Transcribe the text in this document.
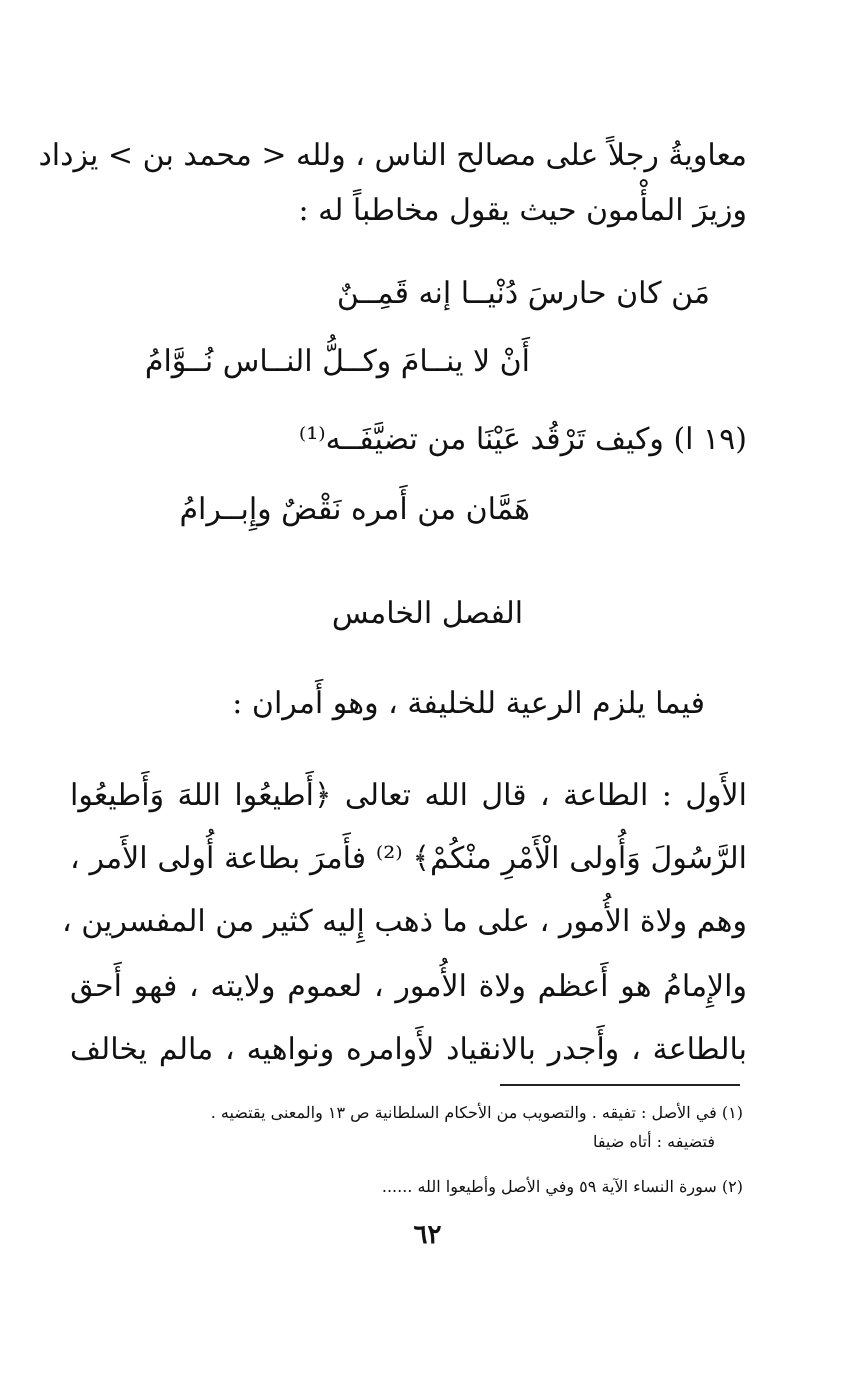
معاويةُ رجلاً على مصالح الناس ، ولله < محمد بن > يزداد
وزيرَ المأْمون حيث يقول مخاطباً له :
مَن كان حارسَ دُنْيــا إنه قَمِــنٌ
أَنْ لا ينــامَ وكــلُّ النــاس نُــوَّامُ
(١٩ ا) وكيف تَرْقُد عَيْنَا من تضيَّفَــه⁽¹⁾
هَمَّان من أَمره نَقْضٌ وإِبــرامُ
الفصل الخامس
فيما يلزم الرعية للخليفة ، وهو أَمران :
الأَول : الطاعة ، قال الله تعالى ﴿أَطيعُوا اللهَ وَأَطيعُوا
الرَّسُولَ وَأُولى الْأَمْرِ منْكُمْ﴾ ⁽²⁾ فأَمرَ بطاعة أُولى الأَمر ،
وهم ولاة الأُمور ، على ما ذهب إِليه كثير من المفسرين ،
والإِمامُ هو أَعظم ولاة الأُمور ، لعموم ولايته ، فهو أَحق
بالطاعة ، وأَجدر بالانقياد لأَوامره ونواهيه ، مالم يخالف
(١) في الأصل : تفيقه . والتصويب من الأحكام السلطانية ص ١٣ والمعنى يقتضيه .
فتضيفه : أتاه ضيفا
(٢) سورة النساء الآية ٥٩ وفي الأصل وأطيعوا الله ......
٦٢
